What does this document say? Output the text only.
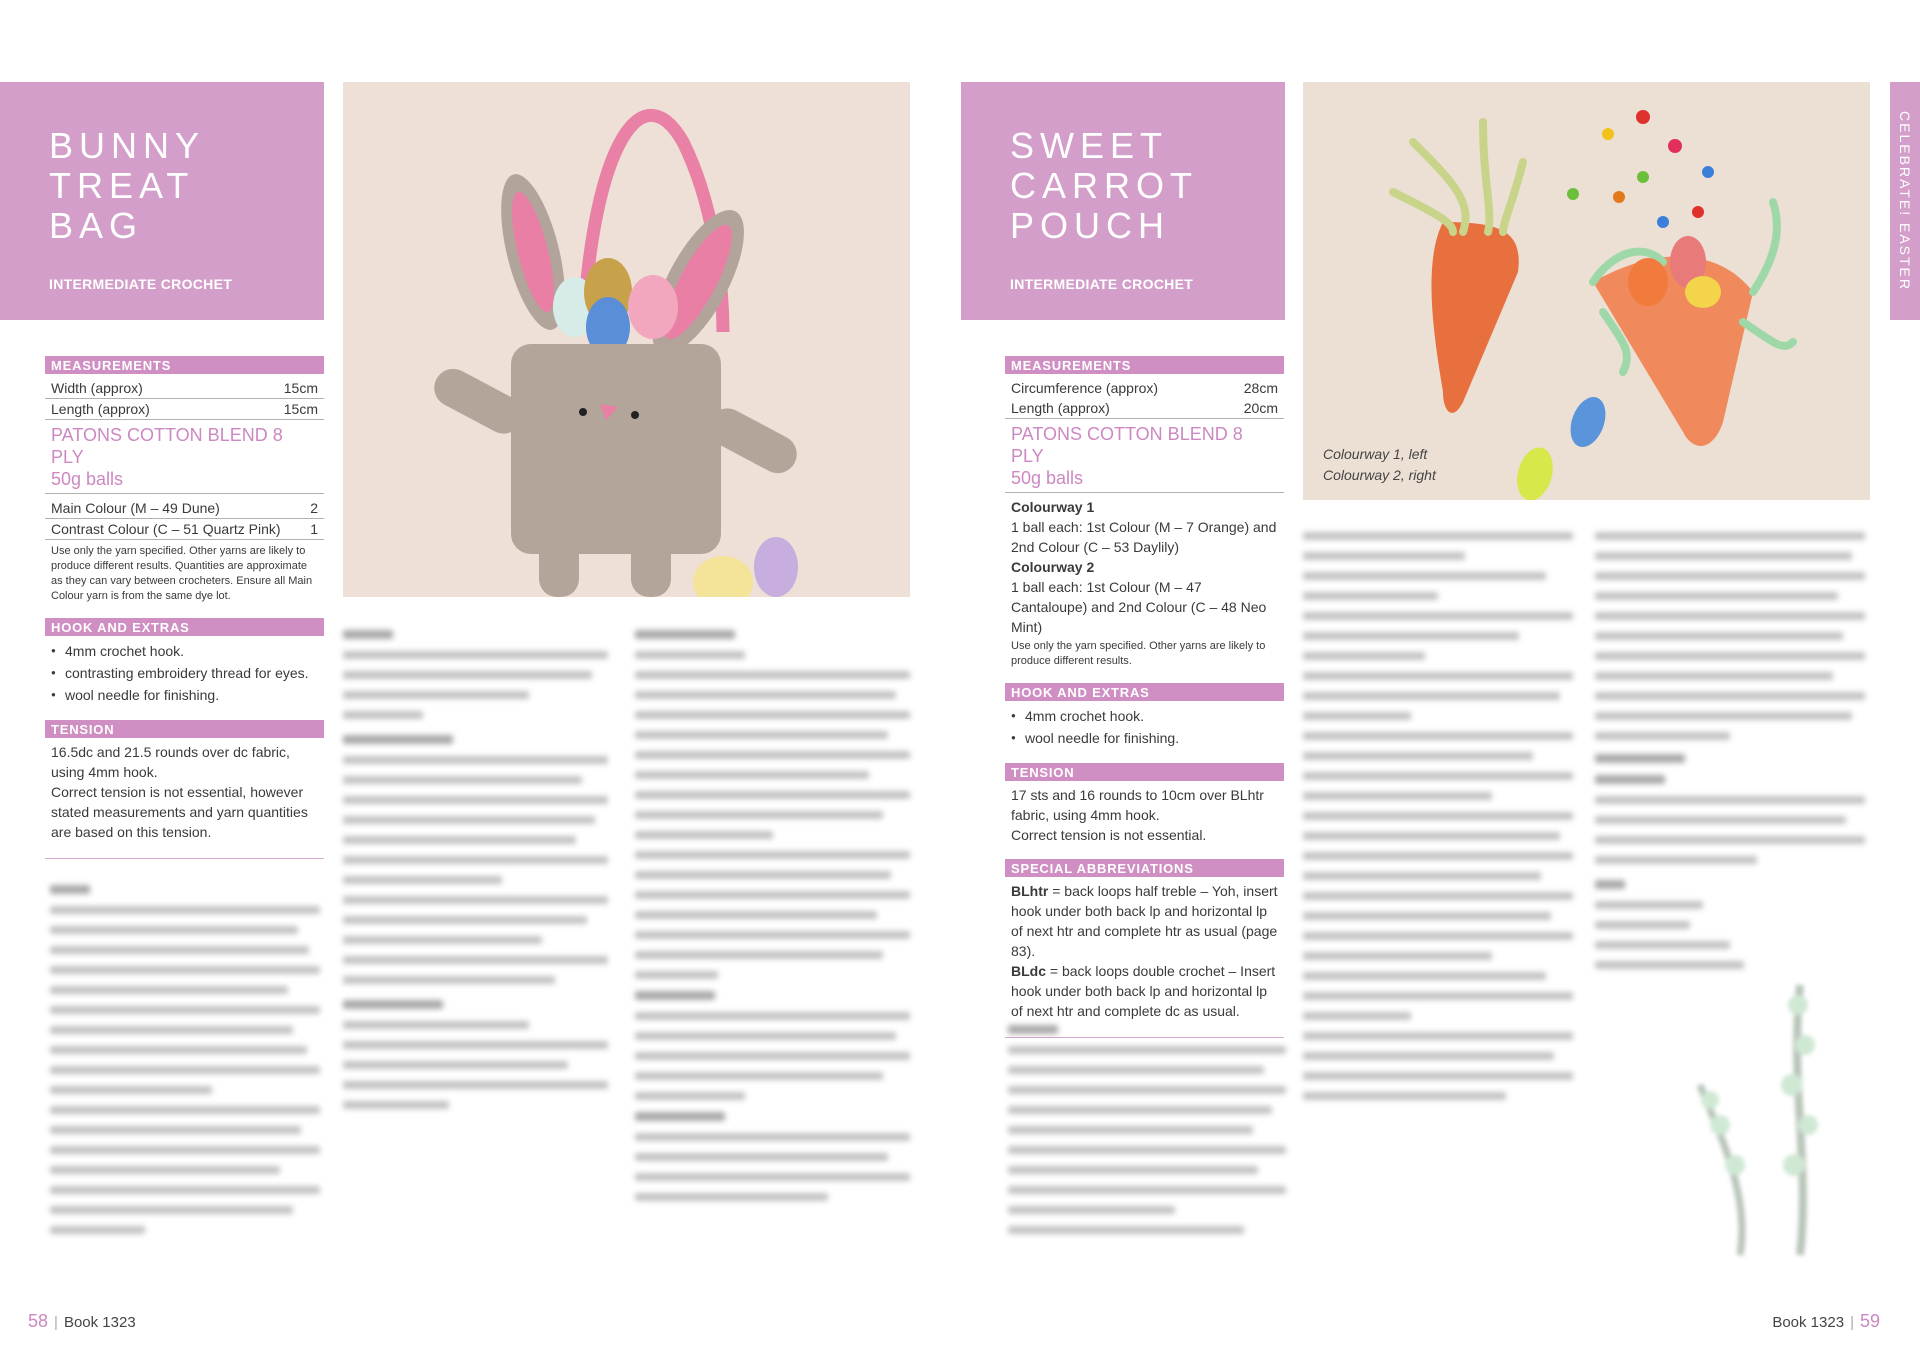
BUNNY
TREAT
BAG
INTERMEDIATE CROCHET
MEASUREMENTS
Width (approx)	15cm
Length (approx)	15cm
PATONS COTTON BLEND 8 PLY
50g balls
Main Colour (M – 49 Dune)	2
Contrast Colour (C – 51 Quartz Pink) 1
Use only the yarn specified. Other yarns are likely to produce different results. Quantities are approximate as they can vary between crocheters. Ensure all Main Colour yarn is from the same dye lot.
HOOK AND EXTRAS
● 4mm crochet hook.
● contrasting embroidery thread for eyes.
● wool needle for finishing.
TENSION
16.5dc and 21.5 rounds over dc fabric, using 4mm hook.
Correct tension is not essential, however stated measurements and yarn quantities are based on this tension.
58 | Book 1323
SWEET
CARROT
POUCH
INTERMEDIATE CROCHET
MEASUREMENTS
Circumference (approx)	28cm
Length (approx)	20cm
PATONS COTTON BLEND 8 PLY
50g balls
Colourway 1
1 ball each: 1st Colour (M – 7 Orange) and 2nd Colour (C – 53 Daylily)
Colourway 2
1 ball each: 1st Colour (M – 47 Cantaloupe) and 2nd Colour (C – 48 Neo Mint)
Use only the yarn specified. Other yarns are likely to produce different results.
HOOK AND EXTRAS
● 4mm crochet hook.
● wool needle for finishing.
TENSION
17 sts and 16 rounds to 10cm over BLhtr fabric, using 4mm hook.
Correct tension is not essential.
SPECIAL ABBREVIATIONS
BLhtr = back loops half treble – Yoh, insert hook under both back lp and horizontal lp of next htr and complete htr as usual (page 83).
BLdc = back loops double crochet – Insert hook under both back lp and horizontal lp of next htr and complete dc as usual.
Colourway 1, left
Colourway 2, right
CELEBRATE! EASTER
Book 1323 | 59
